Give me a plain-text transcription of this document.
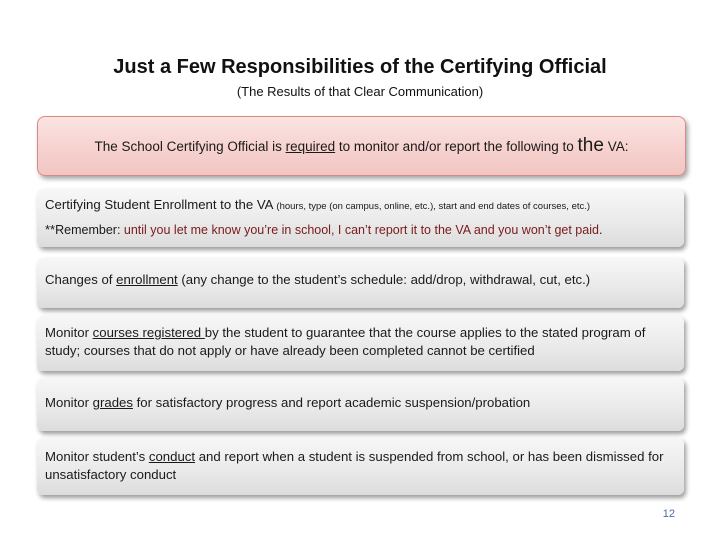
Just a Few Responsibilities of the Certifying Official
(The Results of that Clear Communication)
The School Certifying Official is required to monitor and/or report the following to the VA:
Certifying Student Enrollment to the VA (hours, type (on campus, online, etc.), start and end dates of courses, etc.)
**Remember: until you let me know you’re in school, I can’t report it to the VA and you won’t get paid.
Changes of enrollment (any change to the student’s schedule: add/drop, withdrawal, cut, etc.)
Monitor courses registered by the student to guarantee that the course applies to the stated program of study; courses that do not apply or have already been completed cannot be certified
Monitor grades for satisfactory progress and report academic suspension/probation
Monitor student’s conduct and report when a student is suspended from school, or has been dismissed for unsatisfactory conduct
12
